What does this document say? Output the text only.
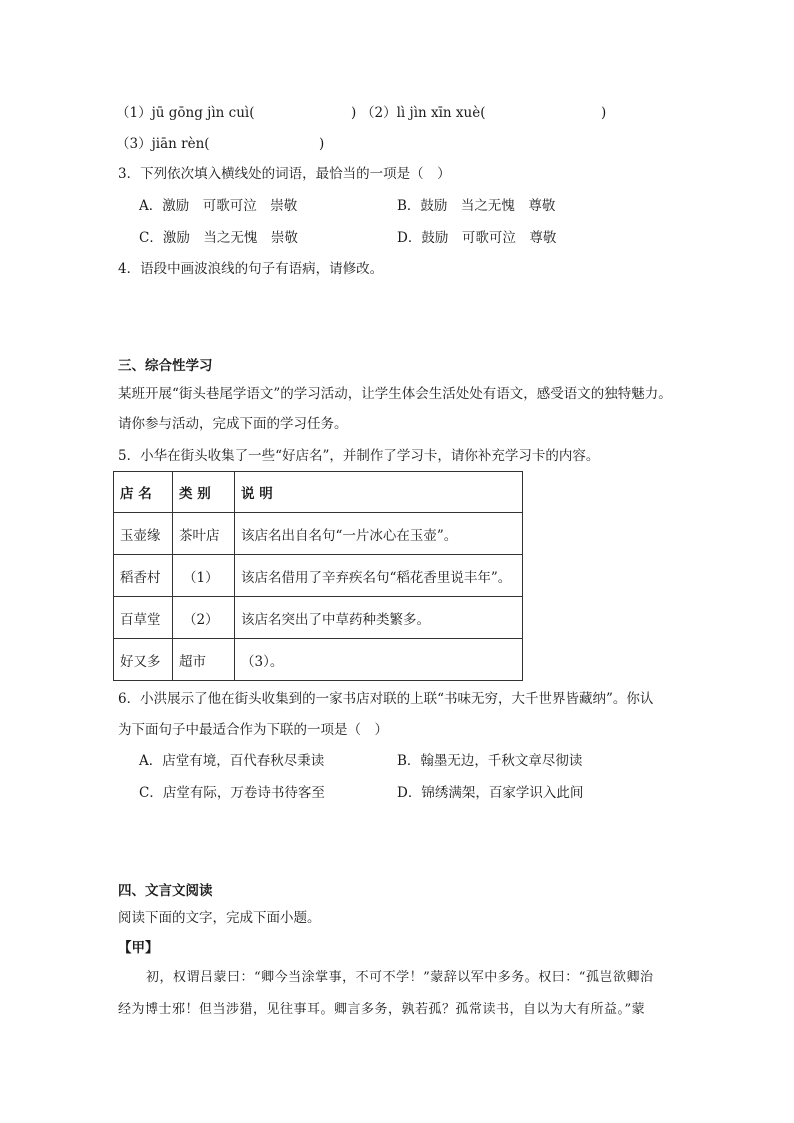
（1）jū gōng jìn cuì(	) （2）lì jìn xīn xuè(	)
（3）jiān rèn(	)
3．下列依次填入横线处的词语，最恰当的一项是（　）
A．激励　可歌可泣　崇敬	B．鼓励　当之无愧　尊敬
C．激励　当之无愧　崇敬	D．鼓励　可歌可泣　尊敬
4．语段中画波浪线的句子有语病，请修改。
三、综合性学习
某班开展“街头巷尾学语文”的学习活动，让学生体会生活处处有语文，感受语文的独特魅力。
请你参与活动，完成下面的学习任务。
5．小华在街头收集了一些“好店名”，并制作了学习卡，请你补充学习卡的内容。
店 名	类 别	说 明
玉壶缘	茶叶店	该店名出自名句“一片冰心在玉壶”。
稻香村	（1）	该店名借用了辛弃疾名句“稻花香里说丰年”。
百草堂	（2）	该店名突出了中草药种类繁多。
好又多	超市	（3）。
6．小洪展示了他在街头收集到的一家书店对联的上联“书味无穷，大千世界皆藏纳”。你认
为下面句子中最适合作为下联的一项是（　）
A．店堂有境，百代春秋尽秉读	B．翰墨无边，千秋文章尽彻读
C．店堂有际，万卷诗书待客至	D．锦绣满架，百家学识入此间
四、文言文阅读
阅读下面的文字，完成下面小题。
【甲】
初，权谓吕蒙曰：“卿今当涂掌事，不可不学！”蒙辞以军中多务。权曰：“孤岂欲卿治
经为博士邪！但当涉猎，见往事耳。卿言多务，孰若孤？孤常读书，自以为大有所益。”蒙
